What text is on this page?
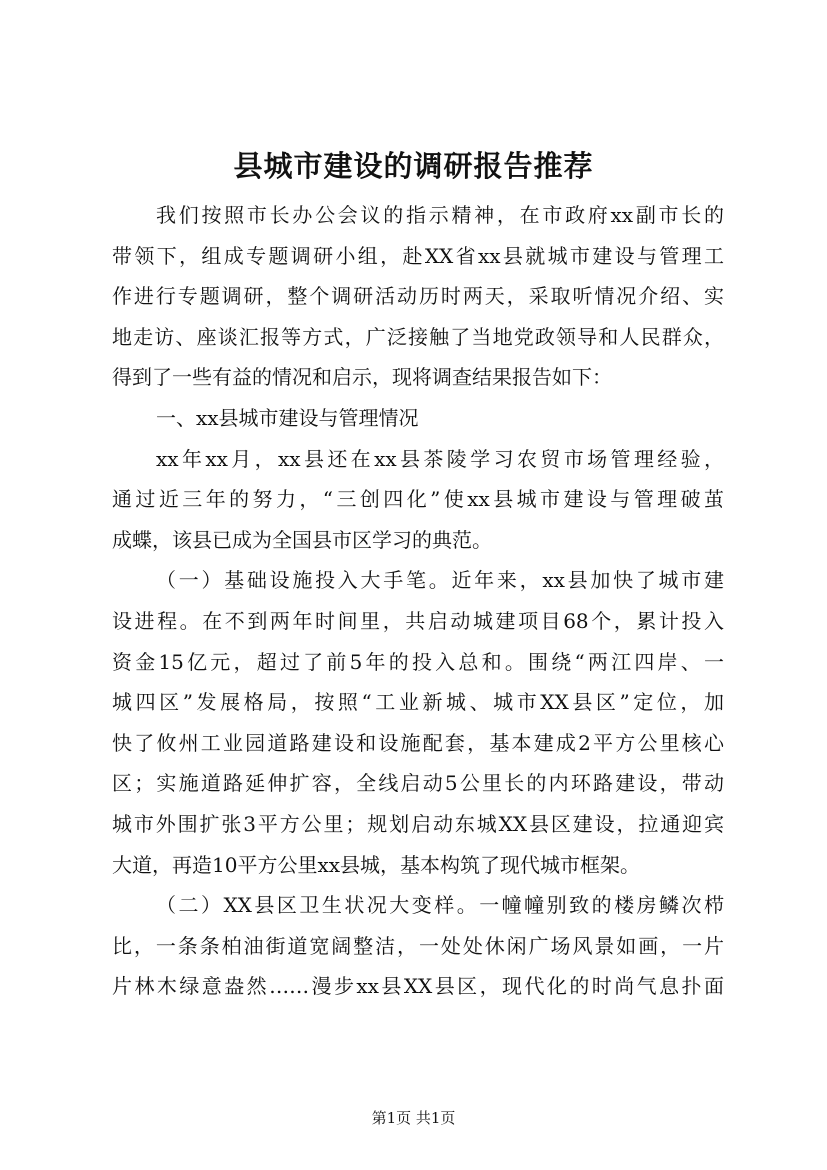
县城市建设的调研报告推荐
我们按照市长办公会议的指示精神，在市政府xx副市长的
带领下，组成专题调研小组，赴XX省xx县就城市建设与管理工
作进行专题调研，整个调研活动历时两天，采取听情况介绍、实
地走访、座谈汇报等方式，广泛接触了当地党政领导和人民群众，
得到了一些有益的情况和启示，现将调查结果报告如下：
一、xx县城市建设与管理情况
xx年xx月，xx县还在xx县茶陵学习农贸市场管理经验，
通过近三年的努力，“三创四化”使xx县城市建设与管理破茧
成蝶，该县已成为全国县市区学习的典范。
（一）基础设施投入大手笔。近年来，xx县加快了城市建
设进程。在不到两年时间里，共启动城建项目68个，累计投入
资金15亿元，超过了前5年的投入总和。围绕“两江四岸、一
城四区”发展格局，按照“工业新城、城市XX县区”定位，加
快了攸州工业园道路建设和设施配套，基本建成2平方公里核心
区；实施道路延伸扩容，全线启动5公里长的内环路建设，带动
城市外围扩张3平方公里；规划启动东城XX县区建设，拉通迎宾
大道，再造10平方公里xx县城，基本构筑了现代城市框架。
（二）XX县区卫生状况大变样。一幢幢别致的楼房鳞次栉
比，一条条柏油街道宽阔整洁，一处处休闲广场风景如画，一片
片林木绿意盎然……漫步xx县XX县区，现代化的时尚气息扑面
第1页 共1页
